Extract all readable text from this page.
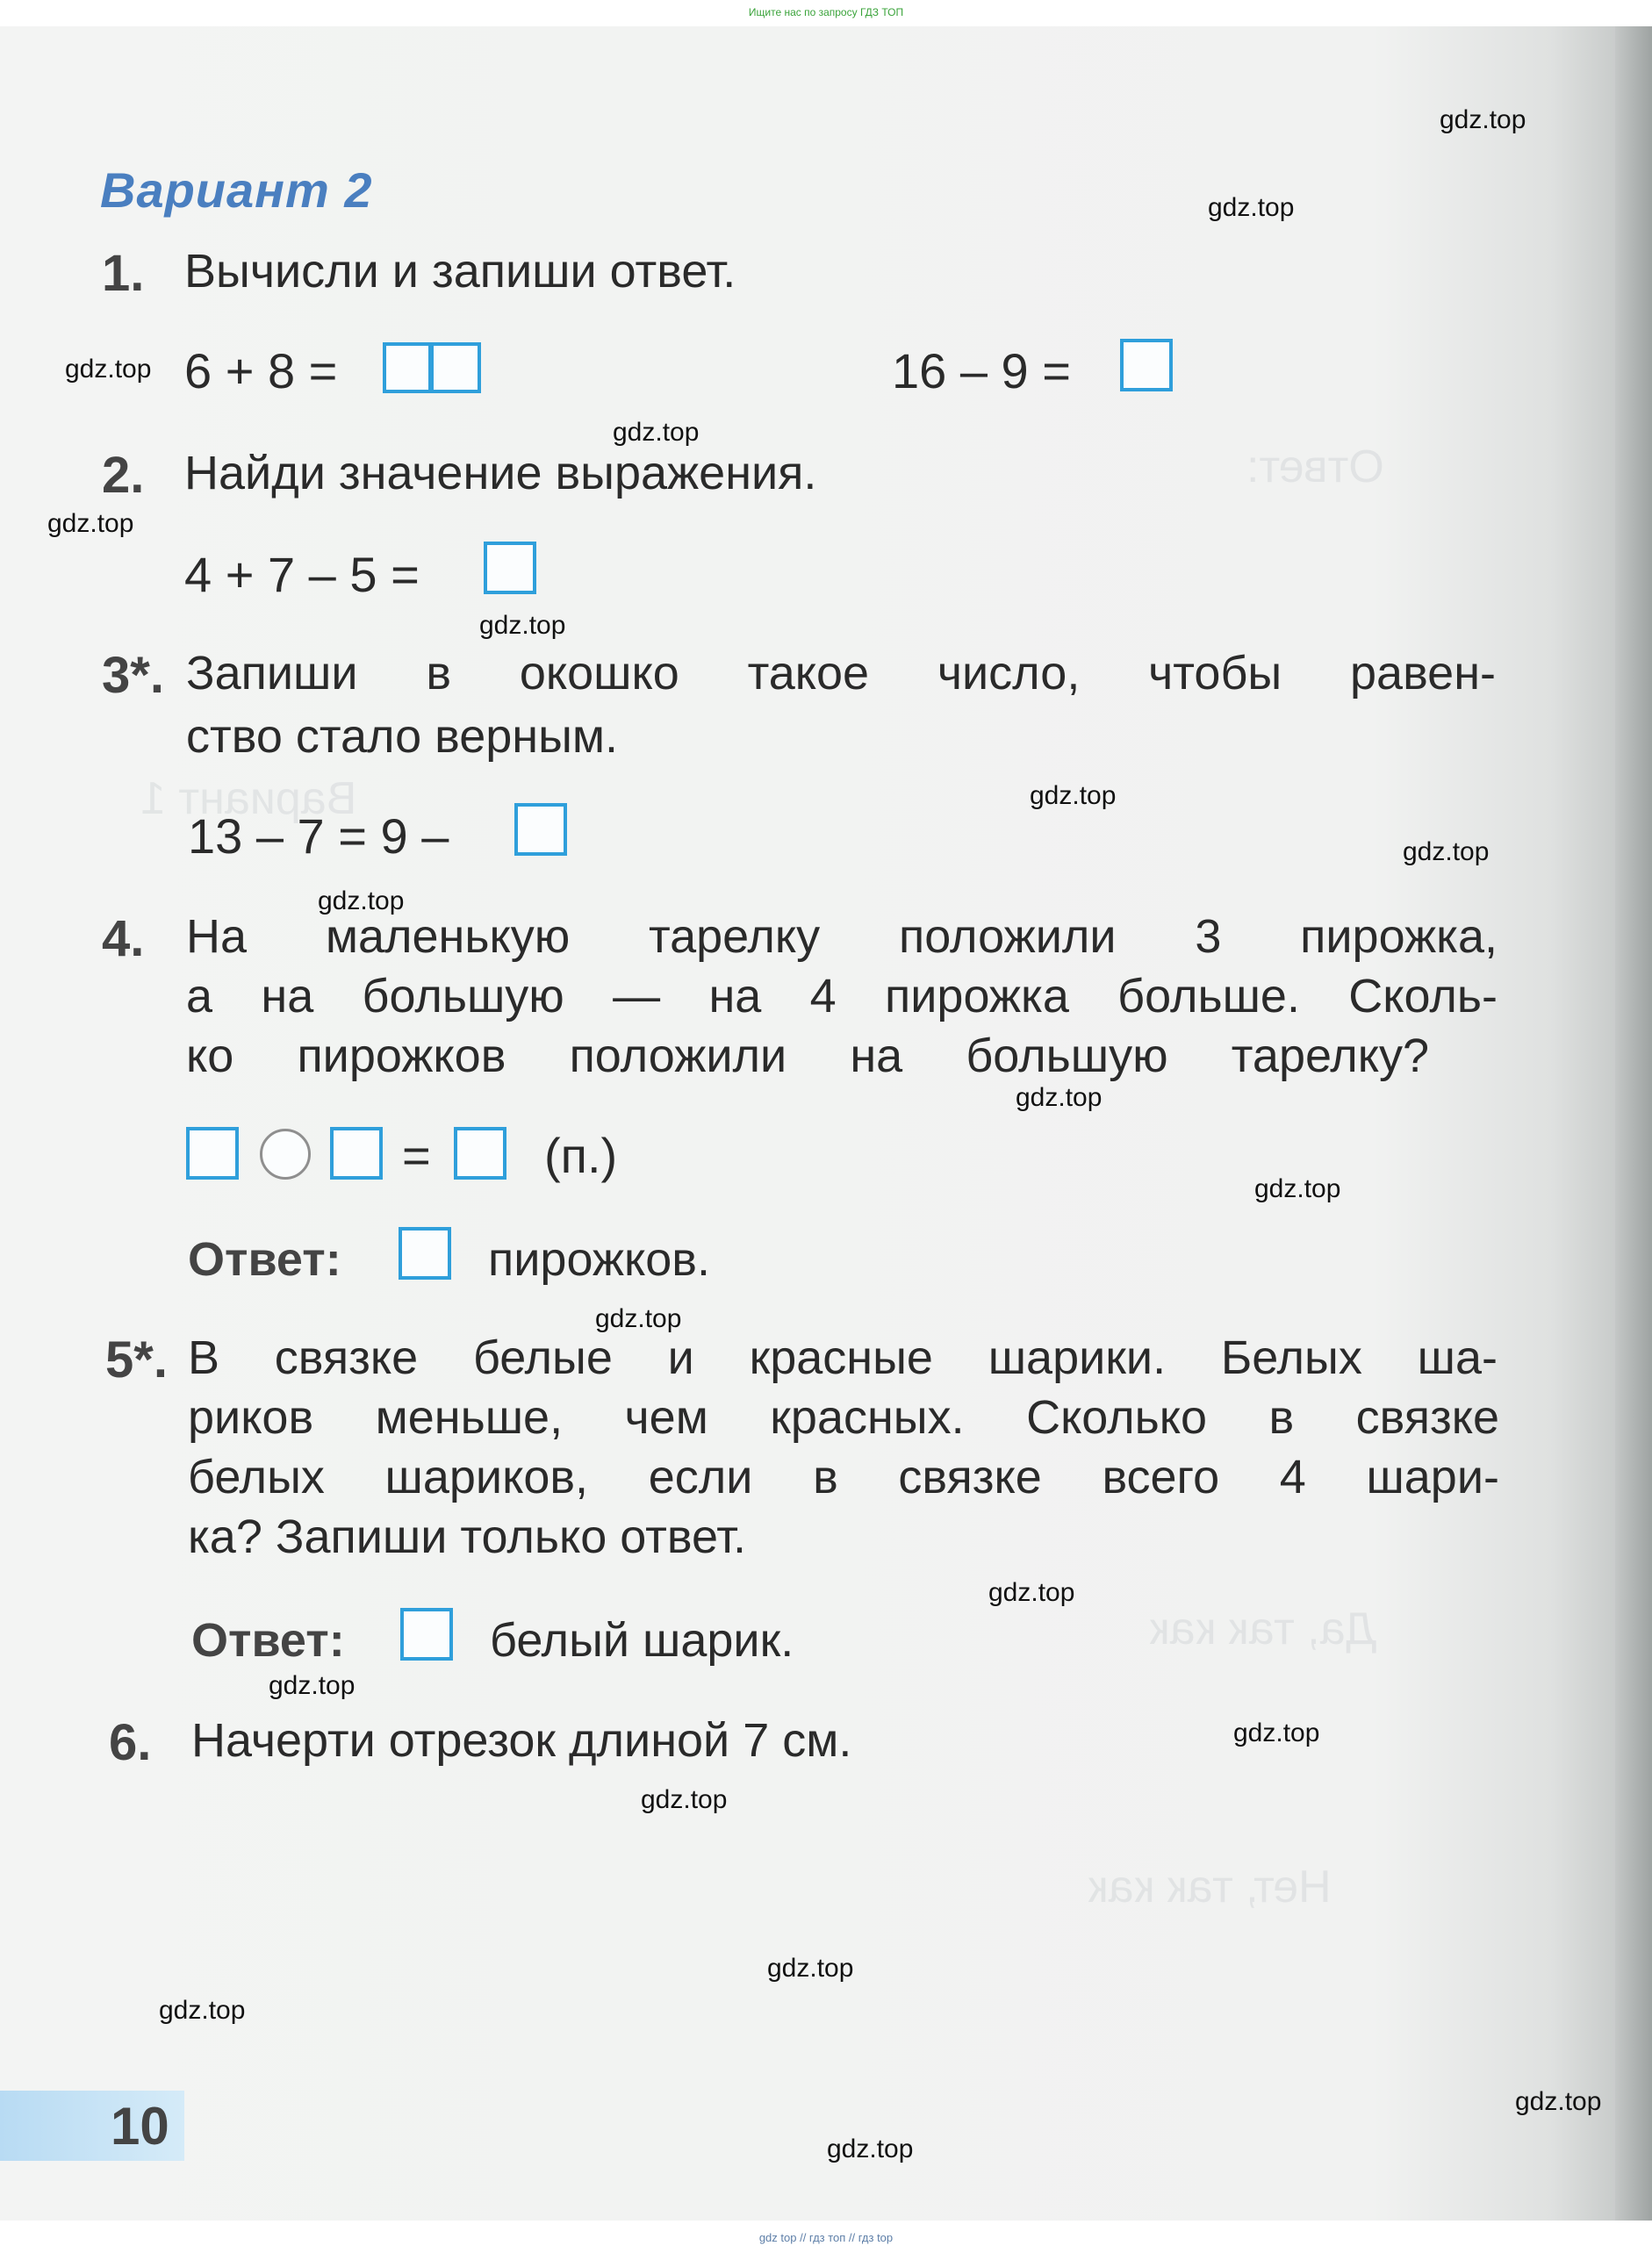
Ищите нас по запросу ГДЗ ТОП
Вариант 1
Ответ:
Да, так как
Нет, так как
Вариант 2
1. Вычисли и запиши ответ.
6 + 8 =	16 – 9 =
2. Найди значение выражения.
4 + 7 – 5 =
3*. Запиши в окошко такое число, чтобы равен-
ство стало верным.
13 – 7 = 9 –
4. На маленькую тарелку положили 3 пирожка,
а на большую — на 4 пирожка больше. Сколь-
ко пирожков положили на большую тарелку?
= (п.)
Ответ:	пирожков.
5*. В связке белые и красные шарики. Белых ша-
риков меньше, чем красных. Сколько в связке
белых шариков, если в связке всего 4 шари-
ка? Запиши только ответ.
Ответ:	белый шарик.
6. Начерти отрезок длиной 7 см.
10
gdz.top
gdz.top
gdz.top
gdz.top
gdz.top
gdz.top
gdz.top
gdz.top
gdz.top
gdz.top
gdz.top
gdz.top
gdz.top
gdz.top
gdz.top
gdz.top
gdz.top
gdz.top
gdz.top
gdz.top
gdz top // гдз топ // гдз top
